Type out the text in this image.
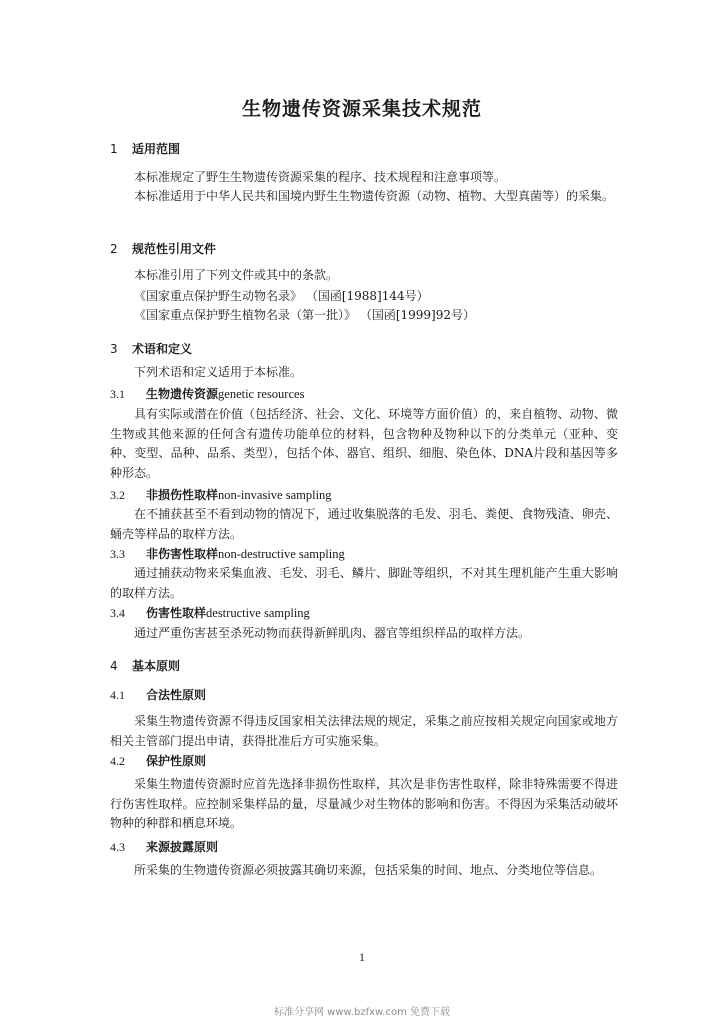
生物遗传资源采集技术规范
1 适用范围
本标准规定了野生生物遗传资源采集的程序、技术规程和注意事项等。
本标准适用于中华人民共和国境内野生生物遗传资源（动物、植物、大型真菌等）的采集。
2 规范性引用文件
本标准引用了下列文件或其中的条款。
《国家重点保护野生动物名录》 （国函[1988]144号）
《国家重点保护野生植物名录（第一批）》 （国函[1999]92号）
3 术语和定义
下列术语和定义适用于本标准。
3.1 生物遗传资源genetic resources
具有实际或潜在价值（包括经济、社会、文化、环境等方面价值）的，来自植物、动物、微生物或其他来源的任何含有遗传功能单位的材料，包含物种及物种以下的分类单元（亚种、变种、变型、品种、品系、类型），包括个体、器官、组织、细胞、染色体、DNA片段和基因等多种形态。
3.2 非损伤性取样non-invasive sampling
在不捕获甚至不看到动物的情况下，通过收集脱落的毛发、羽毛、粪便、食物残渣、卵壳、蛹壳等样品的取样方法。
3.3 非伤害性取样non-destructive sampling
通过捕获动物来采集血液、毛发、羽毛、鳞片、脚趾等组织，不对其生理机能产生重大影响的取样方法。
3.4 伤害性取样destructive sampling
通过严重伤害甚至杀死动物而获得新鲜肌肉、器官等组织样品的取样方法。
4 基本原则
4.1 合法性原则
采集生物遗传资源不得违反国家相关法律法规的规定，采集之前应按相关规定向国家或地方相关主管部门提出申请，获得批准后方可实施采集。
4.2 保护性原则
采集生物遗传资源时应首先选择非损伤性取样，其次是非伤害性取样，除非特殊需要不得进行伤害性取样。应控制采集样品的量，尽量减少对生物体的影响和伤害。不得因为采集活动破坏物种的种群和栖息环境。
4.3 来源披露原则
所采集的生物遗传资源必须披露其确切来源，包括采集的时间、地点、分类地位等信息。
1
标准分享网 www.bzfxw.com 免费下载
